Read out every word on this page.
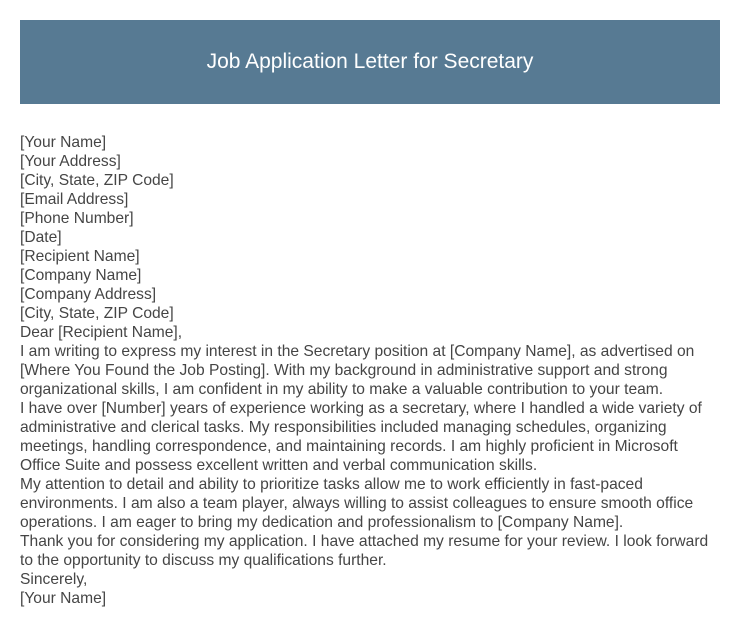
Job Application Letter for Secretary
[Your Name]
[Your Address]
[City, State, ZIP Code]
[Email Address]
[Phone Number]
[Date]
[Recipient Name]
[Company Name]
[Company Address]
[City, State, ZIP Code]
Dear [Recipient Name],

I am writing to express my interest in the Secretary position at [Company Name], as advertised on [Where You Found the Job Posting]. With my background in administrative support and strong organizational skills, I am confident in my ability to make a valuable contribution to your team.

I have over [Number] years of experience working as a secretary, where I handled a wide variety of administrative and clerical tasks. My responsibilities included managing schedules, organizing meetings, handling correspondence, and maintaining records. I am highly proficient in Microsoft Office Suite and possess excellent written and verbal communication skills.

My attention to detail and ability to prioritize tasks allow me to work efficiently in fast-paced environments. I am also a team player, always willing to assist colleagues to ensure smooth office operations. I am eager to bring my dedication and professionalism to [Company Name].

Thank you for considering my application. I have attached my resume for your review. I look forward to the opportunity to discuss my qualifications further.

Sincerely,
[Your Name]
